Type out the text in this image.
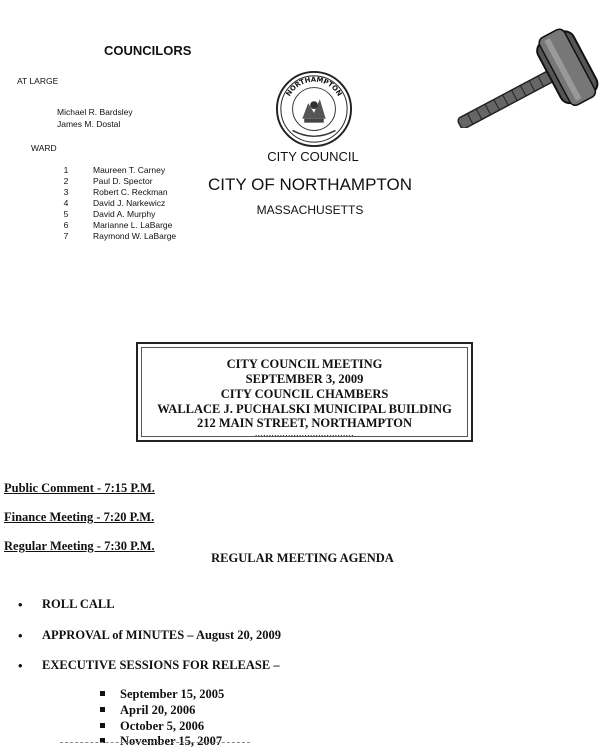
COUNCILORS
AT LARGE
Michael R. Bardsley
James M. Dostal
WARD
1	Maureen T. Carney
2	Paul D. Spector
3	Robert C. Reckman
4	David J. Narkewicz
5	David A. Murphy
6	Marianne L. LaBarge
7	Raymond W. LaBarge
NORTHAMPTON
CITY COUNCIL
CITY OF NORTHAMPTON
MASSACHUSETTS
CITY COUNCIL MEETING
SEPTEMBER 3, 2009
CITY COUNCIL CHAMBERS
WALLACE J. PUCHALSKI MUNICIPAL BUILDING
212 MAIN STREET, NORTHAMPTON
....................................
Public Comment - 7:15 P.M.
Finance Meeting - 7:20 P.M.
Regular Meeting - 7:30 P.M.
REGULAR MEETING AGENDA
• ROLL CALL
• APPROVAL of MINUTES – August 20, 2009
• EXECUTIVE SESSIONS FOR RELEASE –
September 15, 2005
April 20, 2006
October 5, 2006
November 15, 2007
